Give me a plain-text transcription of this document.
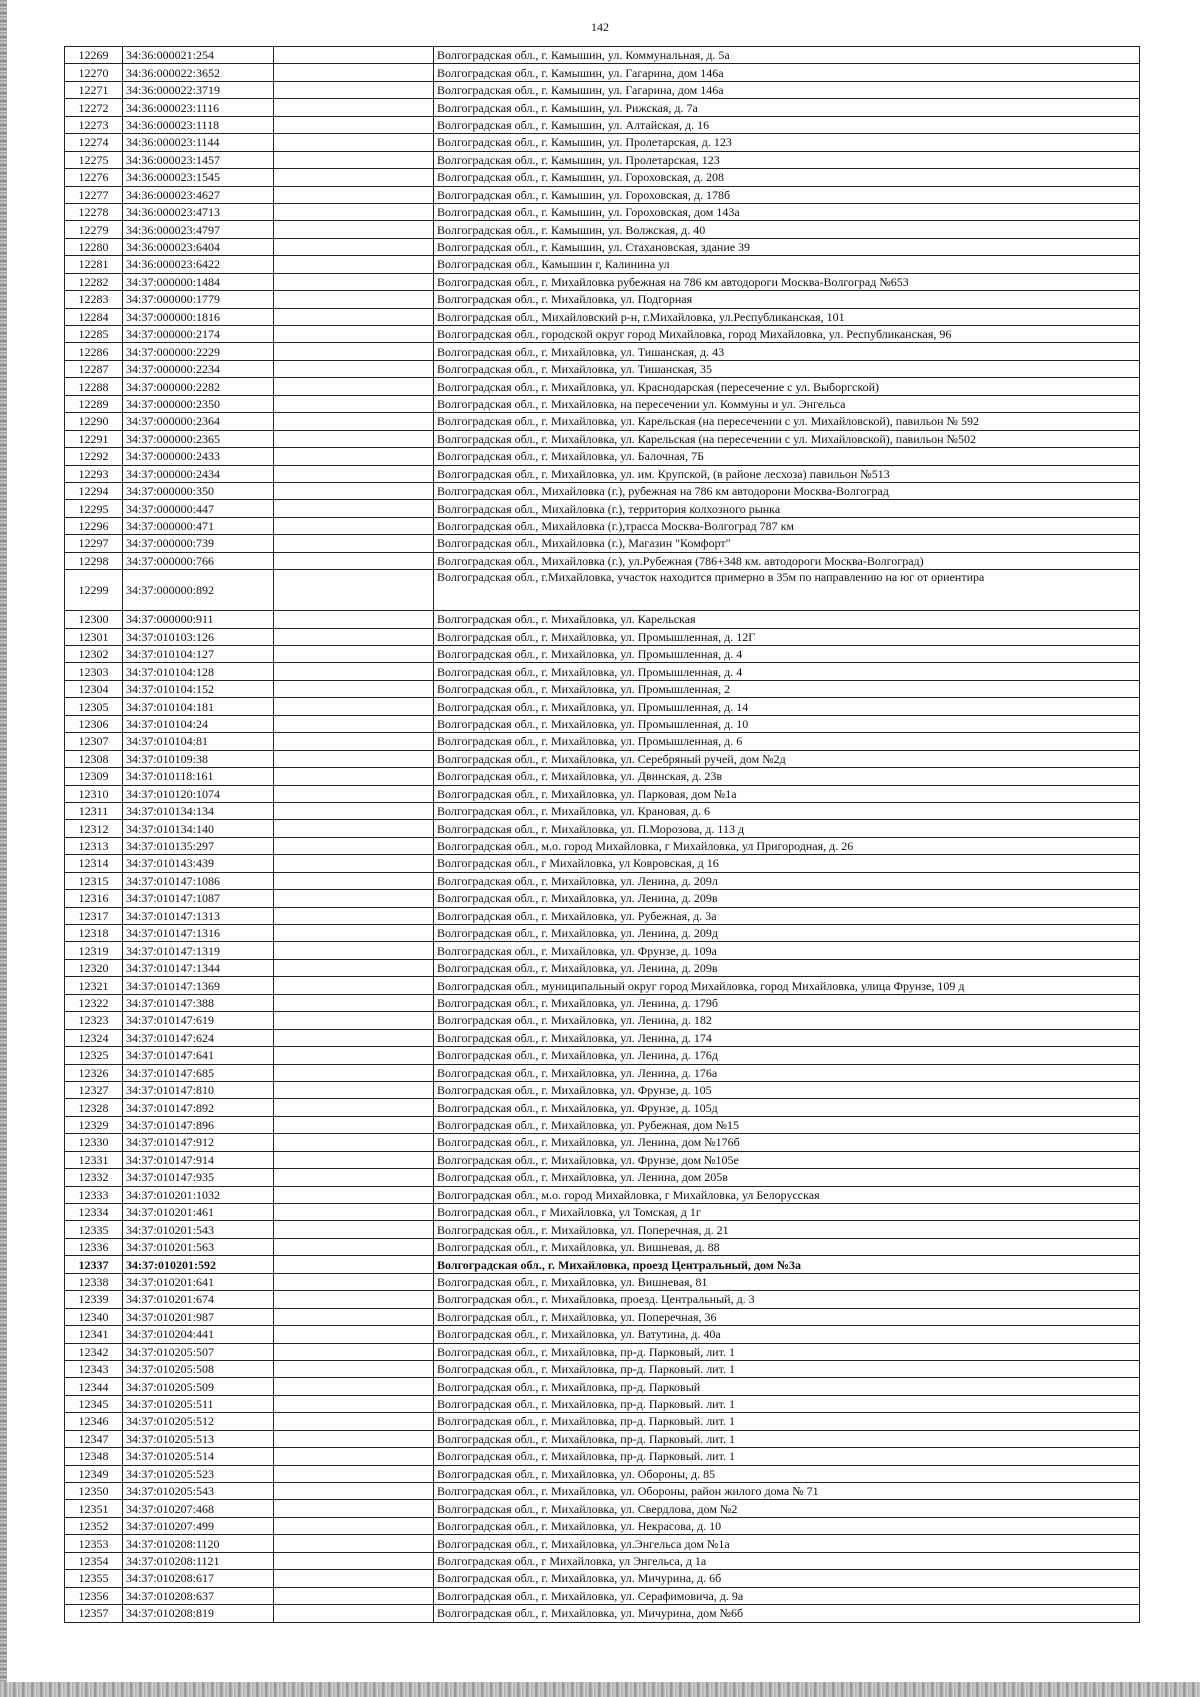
142
12269	34:36:000021:254		Волгоградская обл., г. Камышин, ул. Коммунальная, д. 5а
12270	34:36:000022:3652		Волгоградская обл., г. Камышин, ул. Гагарина, дом 146а
12271	34:36:000022:3719		Волгоградская обл., г. Камышин, ул. Гагарина, дом 146а
12272	34:36:000023:1116		Волгоградская обл., г. Камышин, ул. Рижская, д. 7а
12273	34:36:000023:1118		Волгоградская обл., г. Камышин, ул. Алтайская, д. 16
12274	34:36:000023:1144		Волгоградская обл., г. Камышин, ул. Пролетарская, д. 123
12275	34:36:000023:1457		Волгоградская обл., г. Камышин, ул. Пролетарская, 123
12276	34:36:000023:1545		Волгоградская обл., г. Камышин, ул. Гороховская, д. 208
12277	34:36:000023:4627		Волгоградская обл., г. Камышин, ул. Гороховская, д. 178б
12278	34:36:000023:4713		Волгоградская обл., г. Камышин, ул. Гороховская, дом 143а
12279	34:36:000023:4797		Волгоградская обл., г. Камышин, ул. Волжская, д. 40
12280	34:36:000023:6404		Волгоградская обл., г. Камышин, ул. Стахановская, здание 39
12281	34:36:000023:6422		Волгоградская обл., Камышин г, Калинина ул
12282	34:37:000000:1484		Волгоградская обл., г. Михайловка рубежная на 786 км автодороги Москва-Волгоград №653
12283	34:37:000000:1779		Волгоградская обл., г. Михайловка, ул. Подгорная
12284	34:37:000000:1816		Волгоградская обл., Михайловский р-н, г.Михайловка, ул.Республиканская, 101
12285	34:37:000000:2174		Волгоградская обл., городской округ город Михайловка, город Михайловка, ул. Республиканская, 96
12286	34:37:000000:2229		Волгоградская обл., г. Михайловка, ул. Тишанская, д. 43
12287	34:37:000000:2234		Волгоградская обл., г. Михайловка, ул. Тишанская, 35
12288	34:37:000000:2282		Волгоградская обл., г. Михайловка, ул. Краснодарская (пересечение с ул. Выборгской)
12289	34:37:000000:2350		Волгоградская обл., г. Михайловка, на пересечении ул. Коммуны и ул. Энгельса
12290	34:37:000000:2364		Волгоградская обл., г. Михайловка, ул. Карельская (на пересечении с ул. Михайловской), павильон № 592
12291	34:37:000000:2365		Волгоградская обл., г. Михайловка, ул. Карельская (на пересечении с ул. Михайловской), павильон №502
12292	34:37:000000:2433		Волгоградская обл., г. Михайловка, ул. Балочная, 7Б
12293	34:37:000000:2434		Волгоградская обл., г. Михайловка, ул. им. Крупской, (в районе лесхоза) павильон №513
12294	34:37:000000:350		Волгоградская обл., Михайловка (г.), рубежная на 786 км автодорони Москва-Волгоград
12295	34:37:000000:447		Волгоградская обл., Михайловка (г.), территория колхозного рынка
12296	34:37:000000:471		Волгоградская обл., Михайловка (г.),трасса Москва-Волгоград 787 км
12297	34:37:000000:739		Волгоградская обл., Михайловка (г.), Магазин "Комфорт"
12298	34:37:000000:766		Волгоградская обл., Михайловка (г.), ул.Рубежная (786+348 км. автодороги Москва-Волгоград)
12299	34:37:000000:892		Волгоградская обл., г.Михайловка, участок находится примерно в 35м по направлению на юг от ориентира
12300	34:37:000000:911		Волгоградская обл., г. Михайловка, ул. Карельская
12301	34:37:010103:126		Волгоградская обл., г. Михайловка, ул. Промышленная, д. 12Г
12302	34:37:010104:127		Волгоградская обл., г. Михайловка, ул. Промышленная, д. 4
12303	34:37:010104:128		Волгоградская обл., г. Михайловка, ул. Промышленная, д. 4
12304	34:37:010104:152		Волгоградская обл., г. Михайловка, ул. Промышленная, 2
12305	34:37:010104:181		Волгоградская обл., г. Михайловка, ул. Промышленная, д. 14
12306	34:37:010104:24		Волгоградская обл., г. Михайловка, ул. Промышленная, д. 10
12307	34:37:010104:81		Волгоградская обл., г. Михайловка, ул. Промышленная, д. 6
12308	34:37:010109:38		Волгоградская обл., г. Михайловка, ул. Серебряный ручей, дом №2д
12309	34:37:010118:161		Волгоградская обл., г. Михайловка, ул. Двинская, д. 23в
12310	34:37:010120:1074		Волгоградская обл., г. Михайловка, ул. Парковая, дом №1а
12311	34:37:010134:134		Волгоградская обл., г. Михайловка, ул. Крановая, д. 6
12312	34:37:010134:140		Волгоградская обл., г. Михайловка, ул. П.Морозова, д. 113 д
12313	34:37:010135:297		Волгоградская обл., м.о. город Михайловка, г Михайловка, ул Пригородная, д. 26
12314	34:37:010143:439		Волгоградская обл., г Михайловка, ул Ковровская, д 16
12315	34:37:010147:1086		Волгоградская обл., г. Михайловка, ул. Ленина, д. 209л
12316	34:37:010147:1087		Волгоградская обл., г. Михайловка, ул. Ленина, д. 209в
12317	34:37:010147:1313		Волгоградская обл., г. Михайловка, ул. Рубежная, д. 3а
12318	34:37:010147:1316		Волгоградская обл., г. Михайловка, ул. Ленина, д. 209д
12319	34:37:010147:1319		Волгоградская обл., г. Михайловка, ул. Фрунзе, д. 109а
12320	34:37:010147:1344		Волгоградская обл., г. Михайловка, ул. Ленина, д. 209в
12321	34:37:010147:1369		Волгоградская обл., муниципальный округ город Михайловка, город Михайловка, улица Фрунзе, 109 д
12322	34:37:010147:388		Волгоградская обл., г. Михайловка, ул. Ленина, д. 179б
12323	34:37:010147:619		Волгоградская обл., г. Михайловка, ул. Ленина, д. 182
12324	34:37:010147:624		Волгоградская обл., г. Михайловка, ул. Ленина, д. 174
12325	34:37:010147:641		Волгоградская обл., г. Михайловка, ул. Ленина, д. 176д
12326	34:37:010147:685		Волгоградская обл., г. Михайловка, ул. Ленина, д. 176а
12327	34:37:010147:810		Волгоградская обл., г. Михайловка, ул. Фрунзе, д. 105
12328	34:37:010147:892		Волгоградская обл., г. Михайловка, ул. Фрунзе, д. 105д
12329	34:37:010147:896		Волгоградская обл., г. Михайловка, ул. Рубежная, дом №15
12330	34:37:010147:912		Волгоградская обл., г. Михайловка, ул. Ленина, дом №176б
12331	34:37:010147:914		Волгоградская обл., г. Михайловка, ул. Фрунзе, дом №105е
12332	34:37:010147:935		Волгоградская обл., г. Михайловка, ул. Ленина, дом 205в
12333	34:37:010201:1032		Волгоградская обл., м.о. город Михайловка, г Михайловка, ул Белорусская
12334	34:37:010201:461		Волгоградская обл., г Михайловка, ул Томская, д 1г
12335	34:37:010201:543		Волгоградская обл., г. Михайловка, ул. Поперечная, д. 21
12336	34:37:010201:563		Волгоградская обл., г. Михайловка, ул. Вишневая, д. 88
12337	34:37:010201:592		Волгоградская обл., г. Михайловка, проезд Центральный, дом №3а
12338	34:37:010201:641		Волгоградская обл., г. Михайловка, ул. Вишневая, 81
12339	34:37:010201:674		Волгоградская обл., г. Михайловка, проезд. Центральный, д. 3
12340	34:37:010201:987		Волгоградская обл., г. Михайловка, ул. Поперечная, 36
12341	34:37:010204:441		Волгоградская обл., г. Михайловка, ул. Ватутина, д. 40а
12342	34:37:010205:507		Волгоградская обл., г. Михайловка, пр-д. Парковый, лит. 1
12343	34:37:010205:508		Волгоградская обл., г. Михайловка, пр-д. Парковый. лит. 1
12344	34:37:010205:509		Волгоградская обл., г. Михайловка, пр-д. Парковый
12345	34:37:010205:511		Волгоградская обл., г. Михайловка, пр-д. Парковый. лит. 1
12346	34:37:010205:512		Волгоградская обл., г. Михайловка, пр-д. Парковый. лит. 1
12347	34:37:010205:513		Волгоградская обл., г. Михайловка, пр-д. Парковый. лит. 1
12348	34:37:010205:514		Волгоградская обл., г. Михайловка, пр-д. Парковый. лит. 1
12349	34:37:010205:523		Волгоградская обл., г. Михайловка, ул. Обороны, д. 85
12350	34:37:010205:543		Волгоградская обл., г. Михайловка, ул. Обороны, район жилого дома № 71
12351	34:37:010207:468		Волгоградская обл., г. Михайловка, ул. Свердлова, дом №2
12352	34:37:010207:499		Волгоградская обл., г. Михайловка, ул. Некрасова, д. 10
12353	34:37:010208:1120		Волгоградская обл., г. Михайловка, ул.Энгельса дом №1а
12354	34:37:010208:1121		Волгоградская обл., г Михайловка, ул Энгельса, д 1а
12355	34:37:010208:617		Волгоградская обл., г. Михайловка, ул. Мичурина, д. 6б
12356	34:37:010208:637		Волгоградская обл., г. Михайловка, ул. Серафимовича, д. 9а
12357	34:37:010208:819		Волгоградская обл., г. Михайловка, ул. Мичурина, дом №6б
